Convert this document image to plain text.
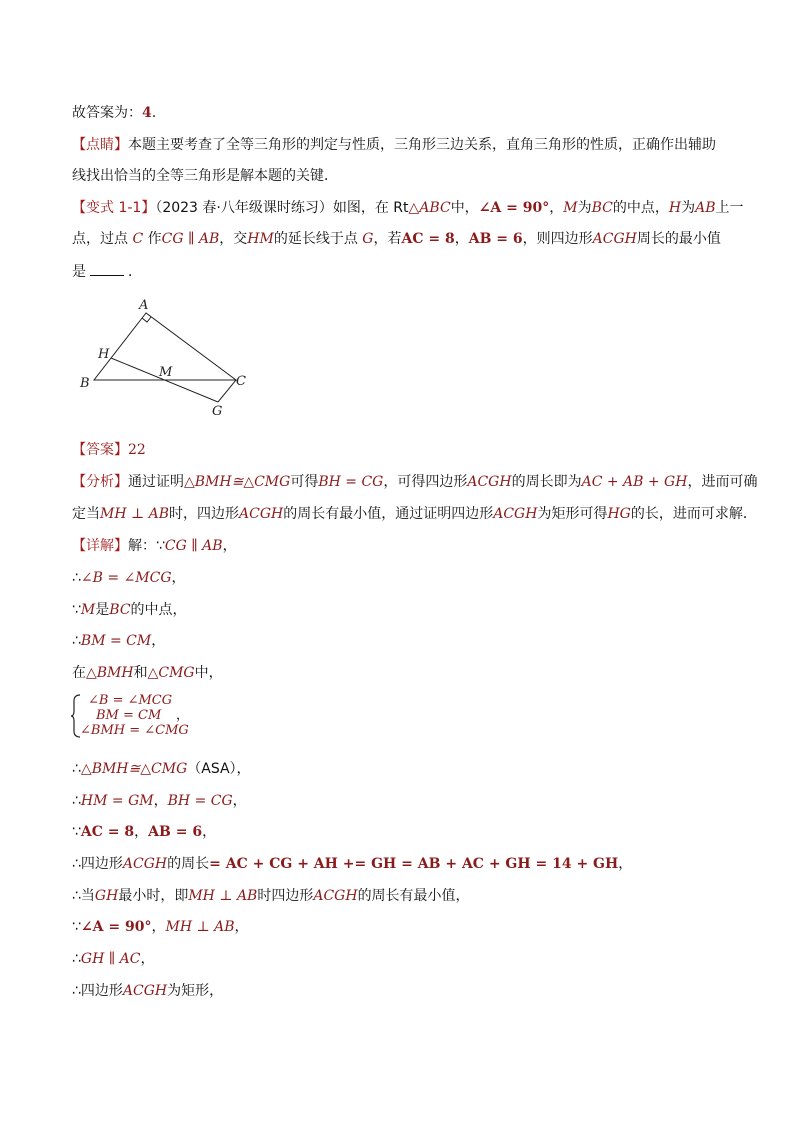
故答案为：4.
【点睛】本题主要考查了全等三角形的判定与性质，三角形三边关系，直角三角形的性质，正确作出辅助
线找出恰当的全等三角形是解本题的关键．
【变式 1-1】（2023 春·八年级课时练习）如图，在 Rt△ABC中，∠A = 90°，M为BC的中点，H为AB上一
点，过点 C 作CG ∥ AB，交HM的延长线于点 G，若AC = 8，AB = 6，则四边形ACGH周长的最小值
是	．
A
B	C
H
M
G
【答案】22
【分析】通过证明△BMH≅△CMG可得BH = CG，可得四边形ACGH的周长即为AC + AB + GH，进而可确
定当MH ⊥ AB时，四边形ACGH的周长有最小值，通过证明四边形ACGH为矩形可得HG的长，进而可求解．
【详解】解：∵CG ∥ AB，
∴∠B = ∠MCG，
∵M是BC的中点，
∴BM = CM，
在△BMH和△CMG中，
∠B = ∠MCG
BM = CM
∠BMH = ∠CMG
，
∴△BMH≅△CMG（ASA），
∴HM = GM，BH = CG，
∵AC = 8，AB = 6，
∴四边形ACGH的周长= AC + CG + AH += GH = AB + AC + GH = 14 + GH，
∴当GH最小时，即MH ⊥ AB时四边形ACGH的周长有最小值，
∵∠A = 90°，MH ⊥ AB，
∴GH ∥ AC，
∴四边形ACGH为矩形，
